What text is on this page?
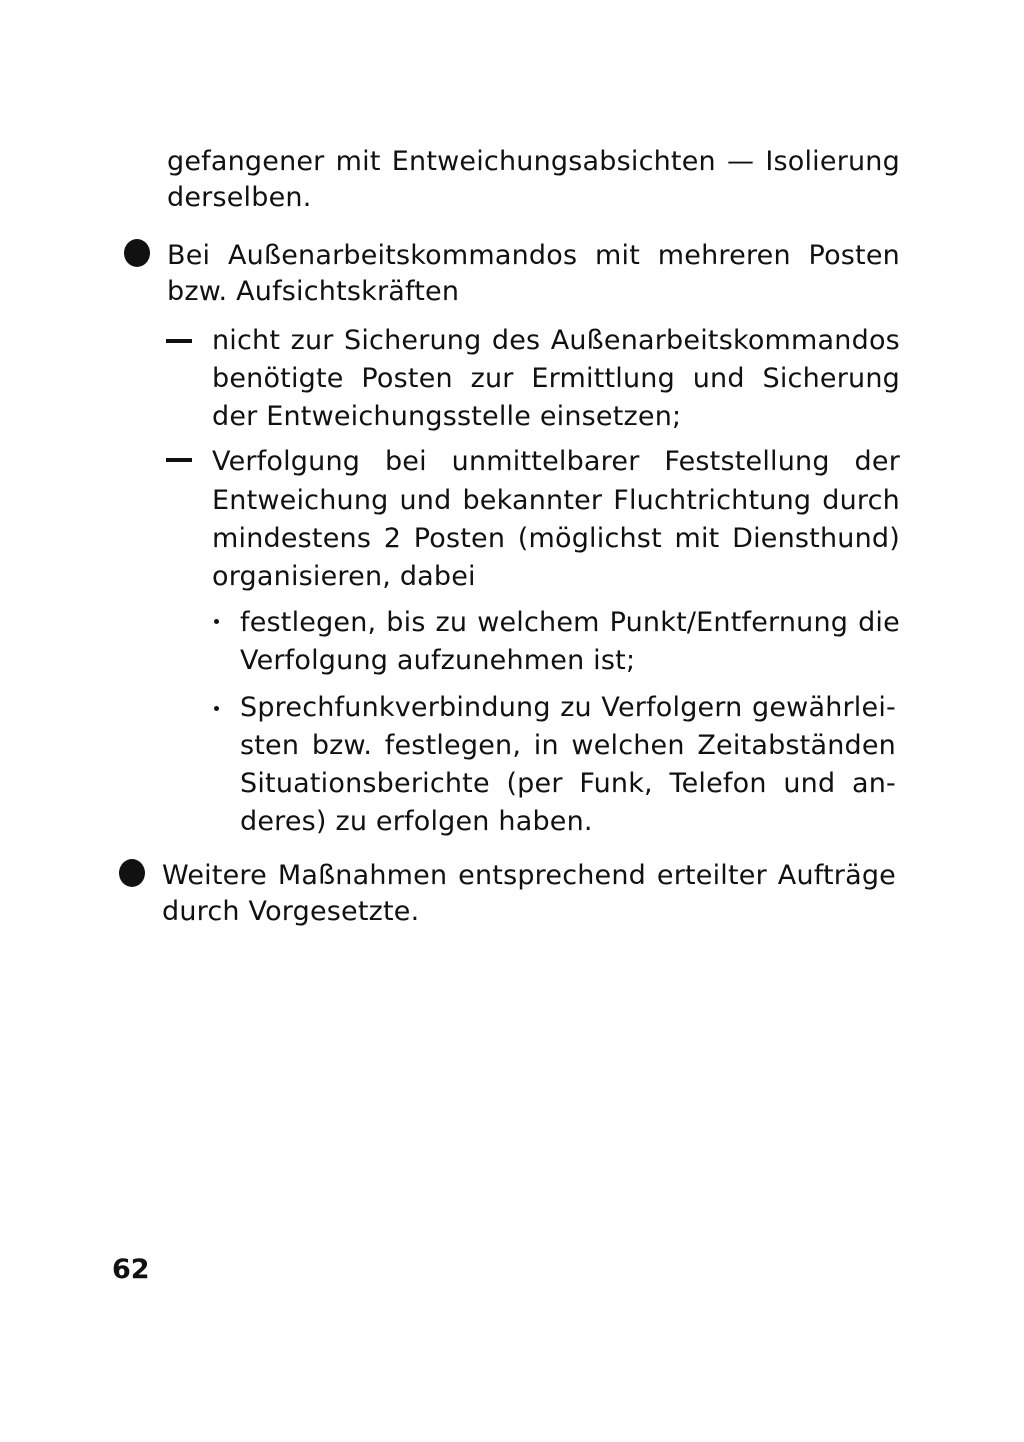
gefangener mit Entweichungsabsichten — Isolierung
derselben.
Bei Außenarbeitskommandos mit mehreren Posten
bzw. Aufsichtskräften
nicht zur Sicherung des Außenarbeitskommandos
benötigte Posten zur Ermittlung und Sicherung
der Entweichungsstelle einsetzen;
Verfolgung bei unmittelbarer Feststellung der
Entweichung und bekannter Fluchtrichtung durch
mindestens 2 Posten (möglichst mit Diensthund)
organisieren, dabei
festlegen, bis zu welchem Punkt/Entfernung die
Verfolgung aufzunehmen ist;
Sprechfunkverbindung zu Verfolgern gewährlei-
sten bzw. festlegen, in welchen Zeitabständen
Situationsberichte (per Funk, Telefon und an-
deres) zu erfolgen haben.
Weitere Maßnahmen entsprechend erteilter Aufträge
durch Vorgesetzte.
62
